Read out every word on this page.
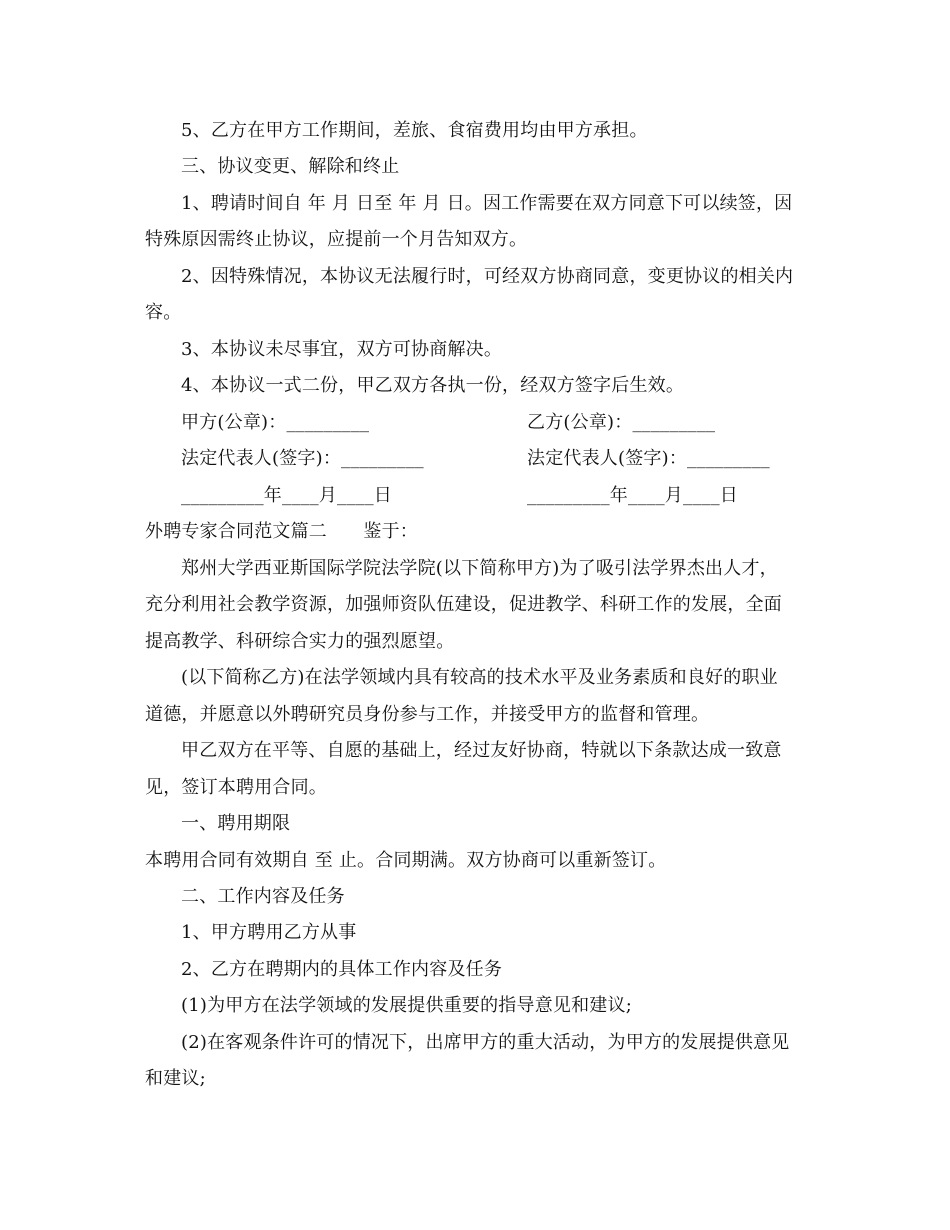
5、乙方在甲方工作期间，差旅、食宿费用均由甲方承担。
三、协议变更、解除和终止
1、聘请时间自 年 月 日至 年 月 日。因工作需要在双方同意下可以续签，因
特殊原因需终止协议，应提前一个月告知双方。
2、因特殊情况，本协议无法履行时，可经双方协商同意，变更协议的相关内
容。
3、本协议未尽事宜，双方可协商解决。
4、本协议一式二份，甲乙双方各执一份，经双方签字后生效。
甲方(公章)：_________	乙方(公章)：_________
法定代表人(签字)：_________	法定代表人(签字)：_________
_________年____月____日	_________年____月____日
外聘专家合同范文篇二　　鉴于：
郑州大学西亚斯国际学院法学院(以下简称甲方)为了吸引法学界杰出人才，
充分利用社会教学资源，加强师资队伍建设，促进教学、科研工作的发展，全面
提高教学、科研综合实力的强烈愿望。
(以下简称乙方)在法学领域内具有较高的技术水平及业务素质和良好的职业
道德，并愿意以外聘研究员身份参与工作，并接受甲方的监督和管理。
甲乙双方在平等、自愿的基础上，经过友好协商，特就以下条款达成一致意
见，签订本聘用合同。
一、聘用期限
本聘用合同有效期自 至 止。合同期满。双方协商可以重新签订。
二、工作内容及任务
1、甲方聘用乙方从事
2、乙方在聘期内的具体工作内容及任务
(1)为甲方在法学领域的发展提供重要的指导意见和建议;
(2)在客观条件许可的情况下，出席甲方的重大活动，为甲方的发展提供意见
和建议;
